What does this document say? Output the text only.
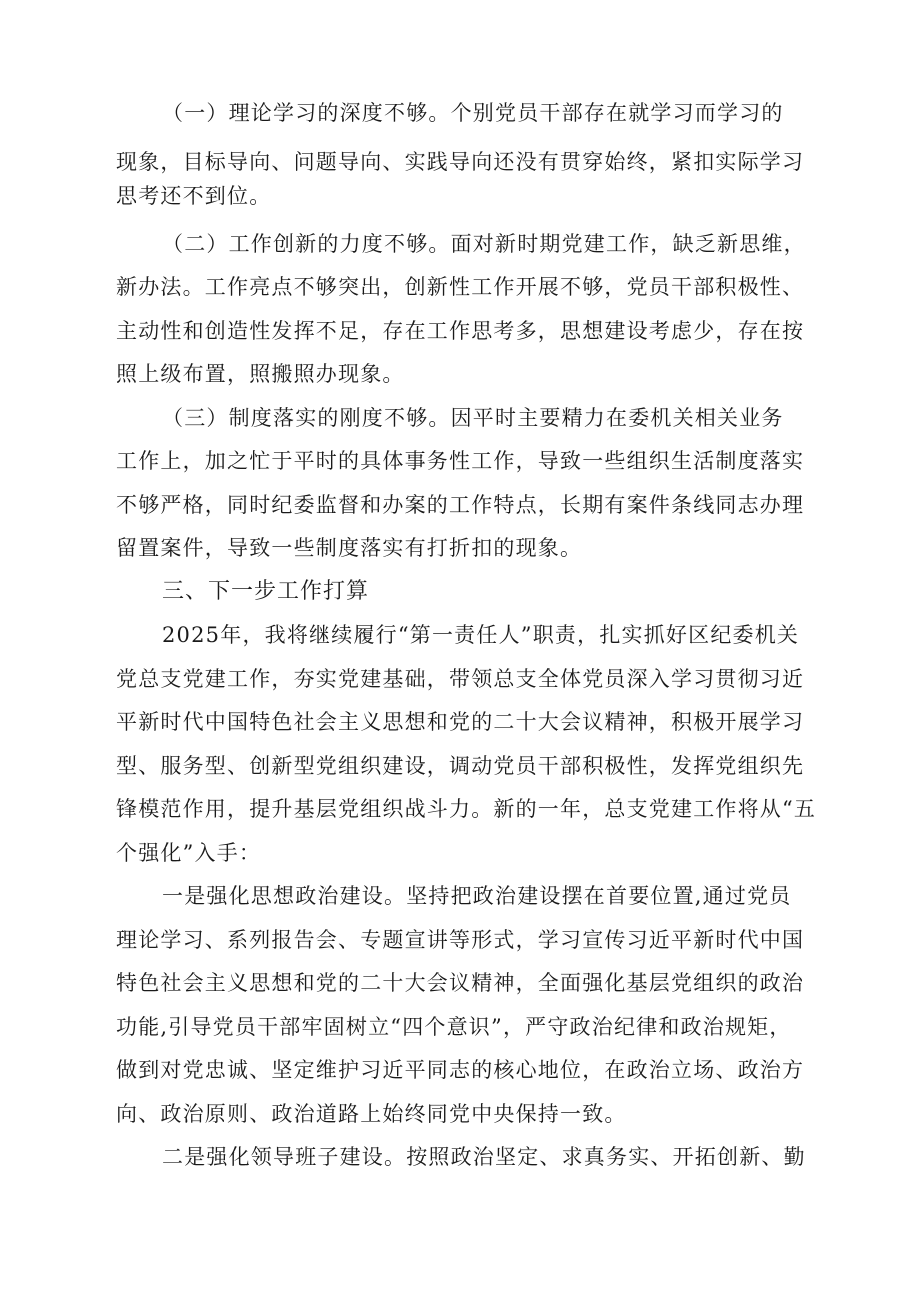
（一）理论学习的深度不够。个别党员干部存在就学习而学习的
现象，目标导向、问题导向、实践导向还没有贯穿始终，紧扣实际学习
思考还不到位。
（二）工作创新的力度不够。面对新时期党建工作，缺乏新思维，
新办法。工作亮点不够突出，创新性工作开展不够，党员干部积极性、
主动性和创造性发挥不足，存在工作思考多，思想建设考虑少，存在按
照上级布置，照搬照办现象。
（三）制度落实的刚度不够。因平时主要精力在委机关相关业务
工作上，加之忙于平时的具体事务性工作，导致一些组织生活制度落实
不够严格，同时纪委监督和办案的工作特点，长期有案件条线同志办理
留置案件，导致一些制度落实有打折扣的现象。
三、下一步工作打算
2025年，我将继续履行“第一责任人”职责，扎实抓好区纪委机关
党总支党建工作，夯实党建基础，带领总支全体党员深入学习贯彻习近
平新时代中国特色社会主义思想和党的二十大会议精神，积极开展学习
型、服务型、创新型党组织建设，调动党员干部积极性，发挥党组织先
锋模范作用，提升基层党组织战斗力。新的一年，总支党建工作将从“五
个强化”入手：
一是强化思想政治建设。坚持把政治建设摆在首要位置,通过党员
理论学习、系列报告会、专题宣讲等形式，学习宣传习近平新时代中国
特色社会主义思想和党的二十大会议精神，全面强化基层党组织的政治
功能,引导党员干部牢固树立“四个意识”，严守政治纪律和政治规矩，
做到对党忠诚、坚定维护习近平同志的核心地位，在政治立场、政治方
向、政治原则、政治道路上始终同党中央保持一致。
二是强化领导班子建设。按照政治坚定、求真务实、开拓创新、勤
